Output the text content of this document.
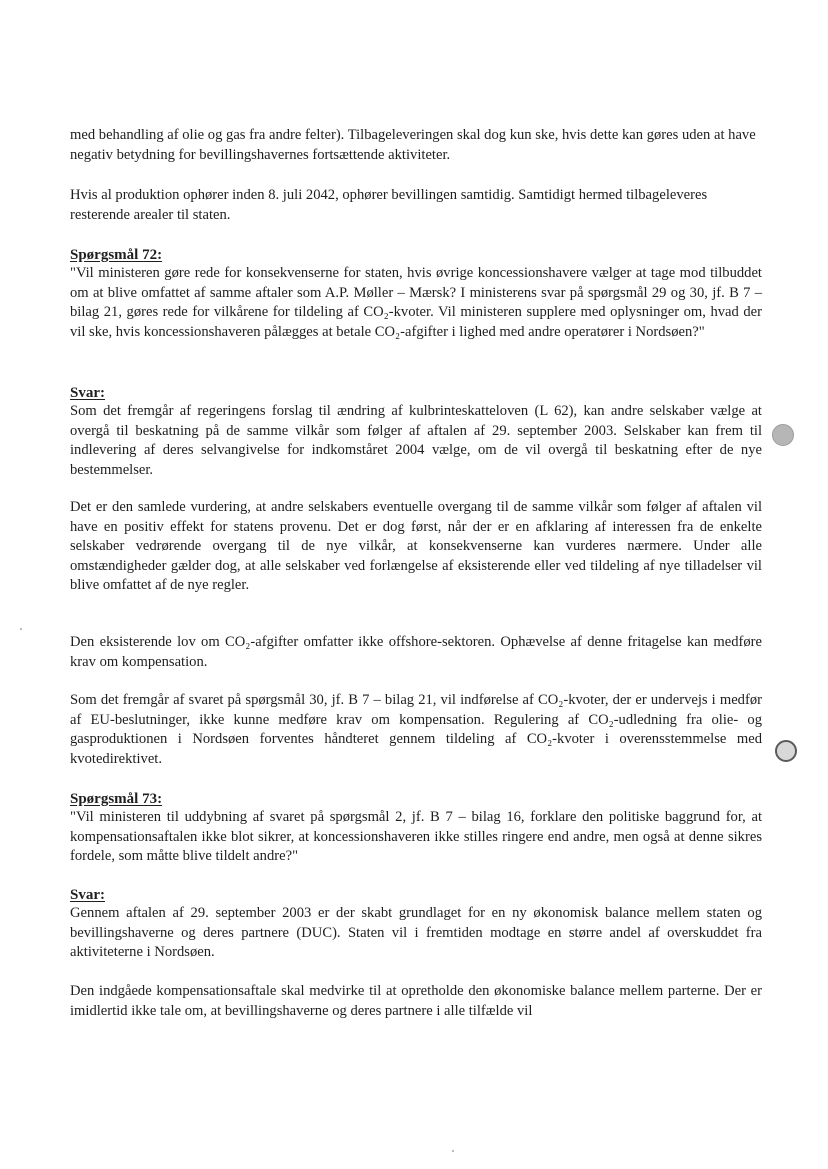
med behandling af olie og gas fra andre felter). Tilbageleveringen skal dog kun ske, hvis dette kan gøres uden at have negativ betydning for bevillingshavernes fortsættende aktiviteter.

Hvis al produktion ophører inden 8. juli 2042, ophører bevillingen samtidig. Samtidigt hermed tilbageleveres resterende arealer til staten.

Spørgsmål 72:

"Vil ministeren gøre rede for konsekvenserne for staten, hvis øvrige koncessionshavere vælger at tage mod tilbuddet om at blive omfattet af samme aftaler som A.P. Møller – Mærsk? I ministerens svar på spørgsmål 29 og 30, jf. B 7 – bilag 21, gøres rede for vilkårene for tildeling af CO₂-kvoter. Vil ministeren supplere med oplysninger om, hvad der vil ske, hvis koncessionshaveren pålægges at betale CO₂-afgifter i lighed med andre operatører i Nordsøen?"

Svar:

Som det fremgår af regeringens forslag til ændring af kulbrinteskatteloven (L 62), kan andre selskaber vælge at overgå til beskatning på de samme vilkår som følger af aftalen af 29. september 2003. Selskaber kan frem til indlevering af deres selvangivelse for indkomståret 2004 vælge, om de vil overgå til beskatning efter de nye bestemmelser.

Det er den samlede vurdering, at andre selskabers eventuelle overgang til de samme vilkår som følger af aftalen vil have en positiv effekt for statens provenu. Det er dog først, når der er en afklaring af interessen fra de enkelte selskaber vedrørende overgang til de nye vilkår, at konsekvenserne kan vurderes nærmere. Under alle omstændigheder gælder dog, at alle selskaber ved forlængelse af eksisterende eller ved tildeling af nye tilladelser vil blive omfattet af de nye regler.

Den eksisterende lov om CO₂-afgifter omfatter ikke offshore-sektoren. Ophævelse af denne fritagelse kan medføre krav om kompensation.

Som det fremgår af svaret på spørgsmål 30, jf. B 7 – bilag 21, vil indførelse af CO₂-kvoter, der er undervejs i medfør af EU-beslutninger, ikke kunne medføre krav om kompensation. Regulering af CO₂-udledning fra olie- og gasproduktionen i Nordsøen forventes håndteret gennem tildeling af CO₂-kvoter i overensstemmelse med kvotedirektivet.

Spørgsmål 73:

"Vil ministeren til uddybning af svaret på spørgsmål 2, jf. B 7 – bilag 16, forklare den politiske baggrund for, at kompensationsaftalen ikke blot sikrer, at koncessionshaveren ikke stilles ringere end andre, men også at denne sikres fordele, som måtte blive tildelt andre?"

Svar:

Gennem aftalen af 29. september 2003 er der skabt grundlaget for en ny økonomisk balance mellem staten og bevillingshaverne og deres partnere (DUC). Staten vil i fremtiden modtage en større andel af overskuddet fra aktiviteterne i Nordsøen.

Den indgåede kompensationsaftale skal medvirke til at opretholde den økonomiske balance mellem parterne. Der er imidlertid ikke tale om, at bevillingshaverne og deres partnere i alle tilfælde vil
